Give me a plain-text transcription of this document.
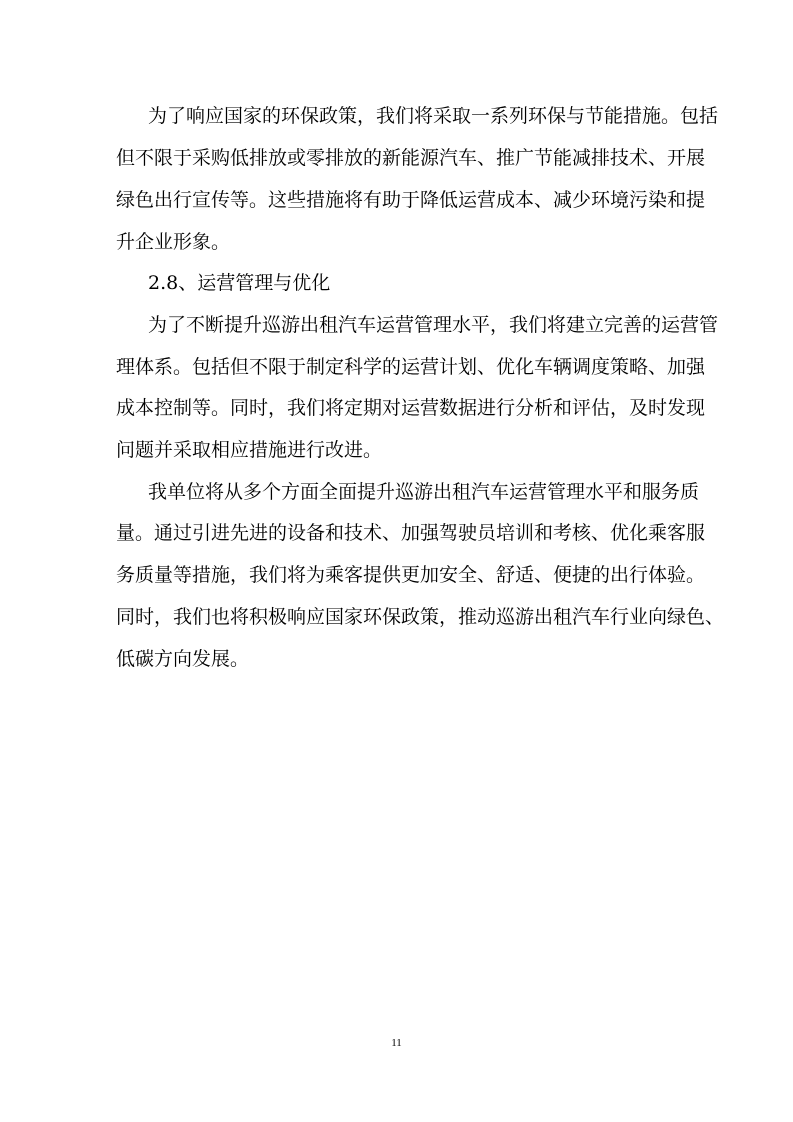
为了响应国家的环保政策，我们将采取一系列环保与节能措施。包括
但不限于采购低排放或零排放的新能源汽车、推广节能减排技术、开展
绿色出行宣传等。这些措施将有助于降低运营成本、减少环境污染和提
升企业形象。
2.8、运营管理与优化
为了不断提升巡游出租汽车运营管理水平，我们将建立完善的运营管
理体系。包括但不限于制定科学的运营计划、优化车辆调度策略、加强
成本控制等。同时，我们将定期对运营数据进行分析和评估，及时发现
问题并采取相应措施进行改进。
我单位将从多个方面全面提升巡游出租汽车运营管理水平和服务质
量。通过引进先进的设备和技术、加强驾驶员培训和考核、优化乘客服
务质量等措施，我们将为乘客提供更加安全、舒适、便捷的出行体验。
同时，我们也将积极响应国家环保政策，推动巡游出租汽车行业向绿色、
低碳方向发展。
11
